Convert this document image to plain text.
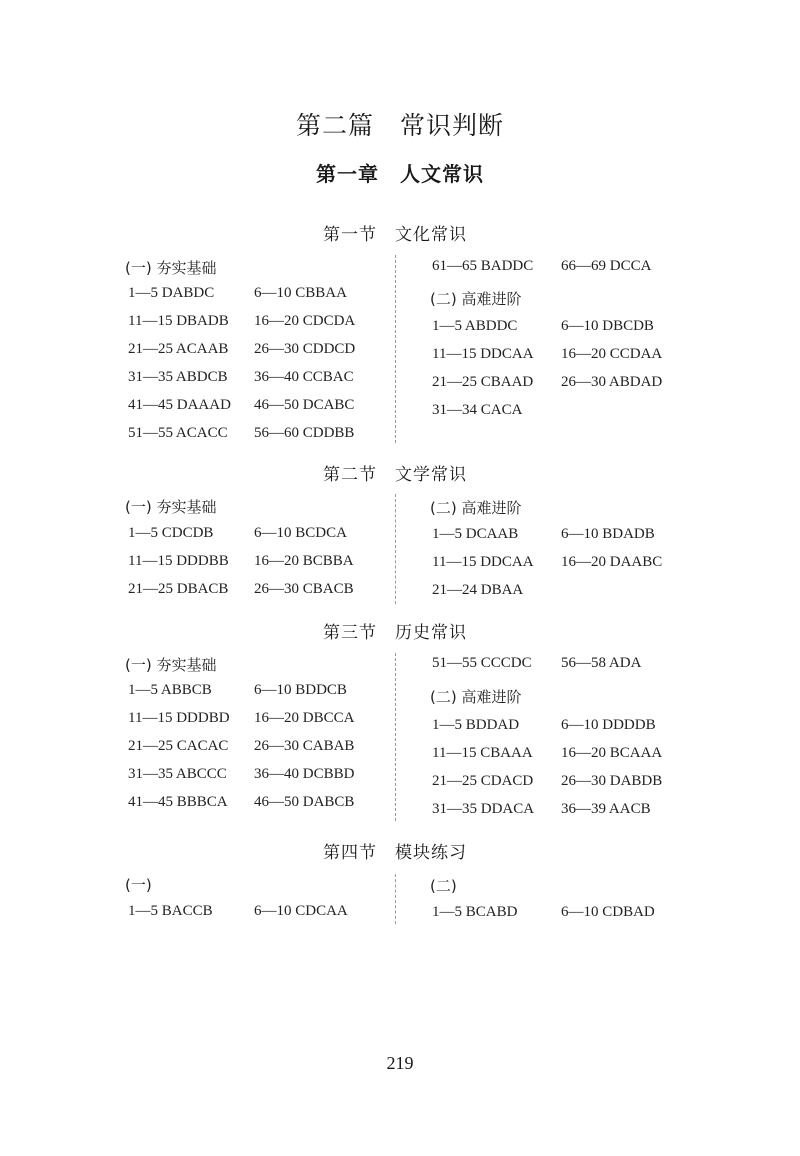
第二篇　常识判断
第一章　人文常识
第一节　文化常识
(一) 夯实基础
1—5 DABDC	6—10 CBBAA
11—15 DBADB 16—20 CDCDA
21—25 ACAAB 26—30 CDDCD
31—35 ABDCB 36—40 CCBAC
41—45 DAAAD 46—50 DCABC
51—55 ACACC 56—60 CDDBB
61—65 BADDC 66—69 DCCA
(二) 高难进阶
1—5 ABDDC	6—10 DBCDB
11—15 DDCAA 16—20 CCDAA
21—25 CBAAD 26—30 ABDAD
31—34 CACA
第二节　文学常识
(一) 夯实基础
1—5 CDCDB	6—10 BCDCA
11—15 DDDBB 16—20 BCBBA
21—25 DBACB 26—30 CBACB
(二) 高难进阶
1—5 DCAAB	6—10 BDADB
11—15 DDCAA 16—20 DAABC
21—24 DBAA
第三节　历史常识
(一) 夯实基础
1—5 ABBCB	6—10 BDDCB
11—15 DDDBD 16—20 DBCCA
21—25 CACAC 26—30 CABAB
31—35 ABCCC 36—40 DCBBD
41—45 BBBCA 46—50 DABCB
51—55 CCCDC 56—58 ADA
(二) 高难进阶
1—5 BDDAD	6—10 DDDDB
11—15 CBAAA 16—20 BCAAA
21—25 CDACD 26—30 DABDB
31—35 DDACA 36—39 AACB
第四节　模块练习
(一)
1—5 BACCB	6—10 CDCAA
(二)
1—5 BCABD	6—10 CDBAD
219
